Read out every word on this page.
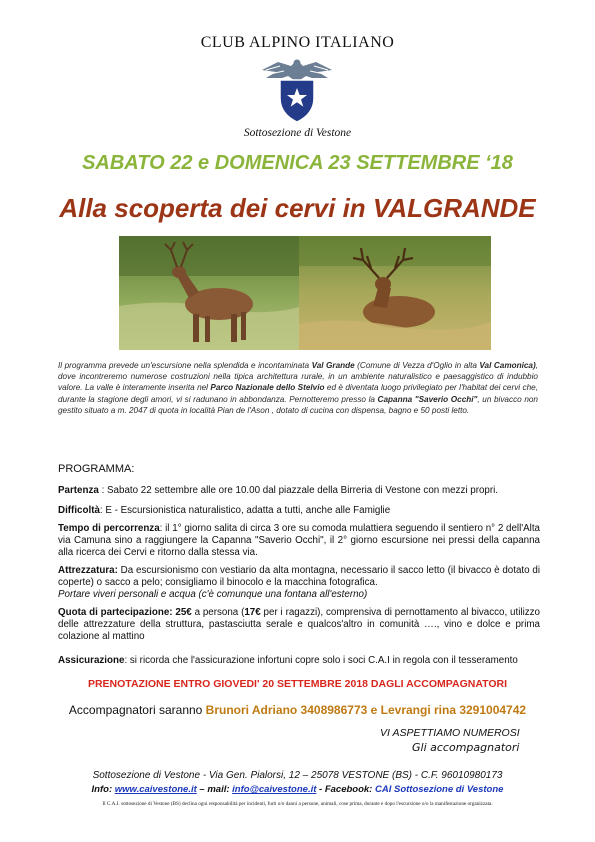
CLUB ALPINO ITALIANO
Sottosezione di Vestone
SABATO 22 e DOMENICA 23 SETTEMBRE ‘18
Alla scoperta dei cervi in VALGRANDE
Il programma prevede un'escursione nella splendida e incontaminata Val Grande (Comune di Vezza d'Oglio in alta Val Camonica), dove incontreremo numerose costruzioni nella tipica architettura rurale, in un ambiente naturalistico e paesaggistico di indubbio valore. La valle è interamente inserita nel Parco Nazionale dello Stelvio ed è diventata luogo privilegiato per l'habitat dei cervi che, durante la stagione degli amori, vi si radunano in abbondanza. Pernotteremo presso la Capanna "Saverio Occhi", un bivacco non gestito situato a m. 2047 di quota in località Pian de l'Ason , dotato di cucina con dispensa, bagno e 50 posti letto.
PROGRAMMA:
Partenza : Sabato 22 settembre alle ore 10.00 dal piazzale della Birreria di Vestone con mezzi propri.
Difficoltà: E - Escursionistica naturalistico, adatta a tutti, anche alle Famiglie
Tempo di percorrenza: il 1° giorno salita di circa 3 ore su comoda mulattiera seguendo il sentiero n° 2 dell'Alta via Camuna sino a raggiungere la Capanna "Saverio Occhi", il 2° giorno escursione nei pressi della capanna alla ricerca dei Cervi e ritorno dalla stessa via.
Attrezzatura: Da escursionismo con vestiario da alta montagna, necessario il sacco letto (il bivacco è dotato di coperte) o sacco a pelo; consigliamo il binocolo e la macchina fotografica.
Portare viveri personali e acqua (c'è comunque una fontana all'esterno)
Quota di partecipazione: 25€ a persona (17€ per i ragazzi), comprensiva di pernottamento al bivacco, utilizzo delle attrezzature della struttura, pastasciutta serale e qualcos'altro in comunità …., vino e dolce e prima colazione al mattino
Assicurazione: si ricorda che l'assicurazione infortuni copre solo i soci C.A.I in regola con il tesseramento
PRENOTAZIONE ENTRO GIOVEDI' 20 SETTEMBRE 2018 DAGLI ACCOMPAGNATORI
Accompagnatori saranno Brunori Adriano 3408986773 e Levrangi rina 3291004742
VI ASPETTIAMO NUMEROSI
Gli accompagnatori
Sottosezione di Vestone - Via Gen. Pialorsi, 12 – 25078 VESTONE (BS) - C.F. 96010980173
Info: www.caivestone.it – mail: info@caivestone.it - Facebook: CAI Sottosezione di Vestone
Il C.A.I. sottosezione di Vestone (BS) declina ogni responsabilità per incidenti, furti o/o danni a persone, animali, cose prima, durante e dopo l'escursione o/o la manifestazione organizzata.
